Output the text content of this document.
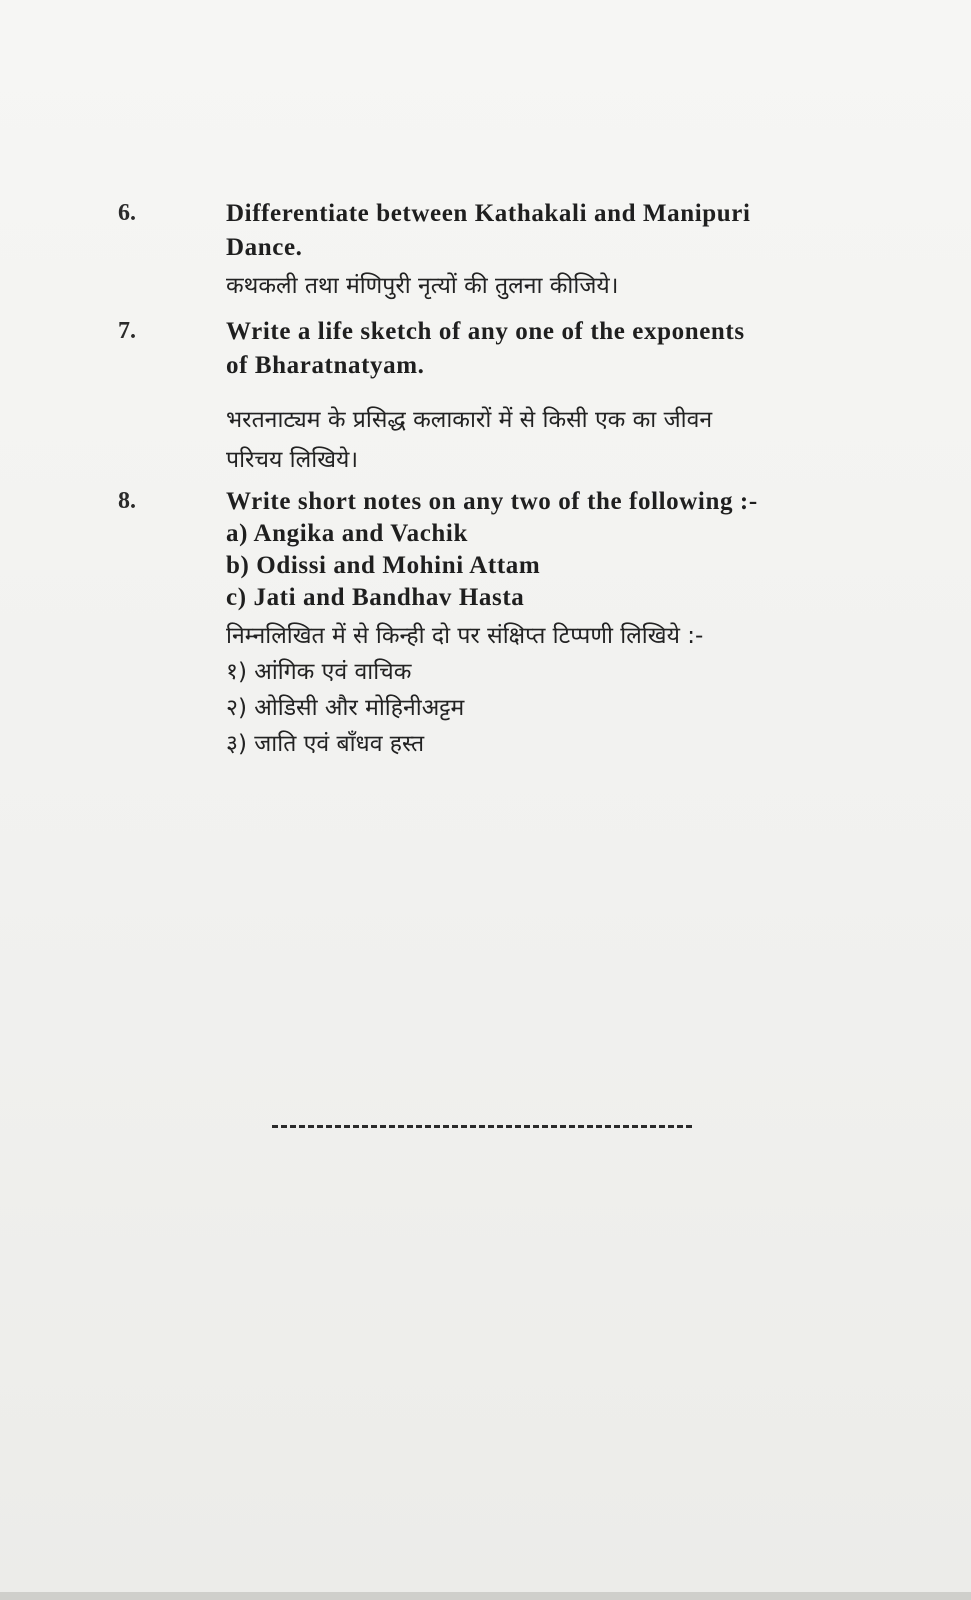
6.	Differentiate between Kathakali and Manipuri
Dance.
कथकली तथा मंणिपुरी नृत्यों की तुलना कीजिये।
7.	Write a life sketch of any one of the exponents
of Bharatnatyam.
भरतनाट्यम के प्रसिद्ध कलाकारों में से किसी एक का जीवन
परिचय लिखिये।
8.	Write short notes on any two of the following :-
a) Angika and Vachik
b) Odissi and Mohini Attam
c) Jati and Bandhav Hasta
निम्नलिखित में से किन्ही दो पर संक्षिप्त टिप्पणी लिखिये :-
१) आंगिक एवं वाचिक
२) ओडिसी और मोहिनीअट्टम
३) जाति एवं बाँधव हस्त
